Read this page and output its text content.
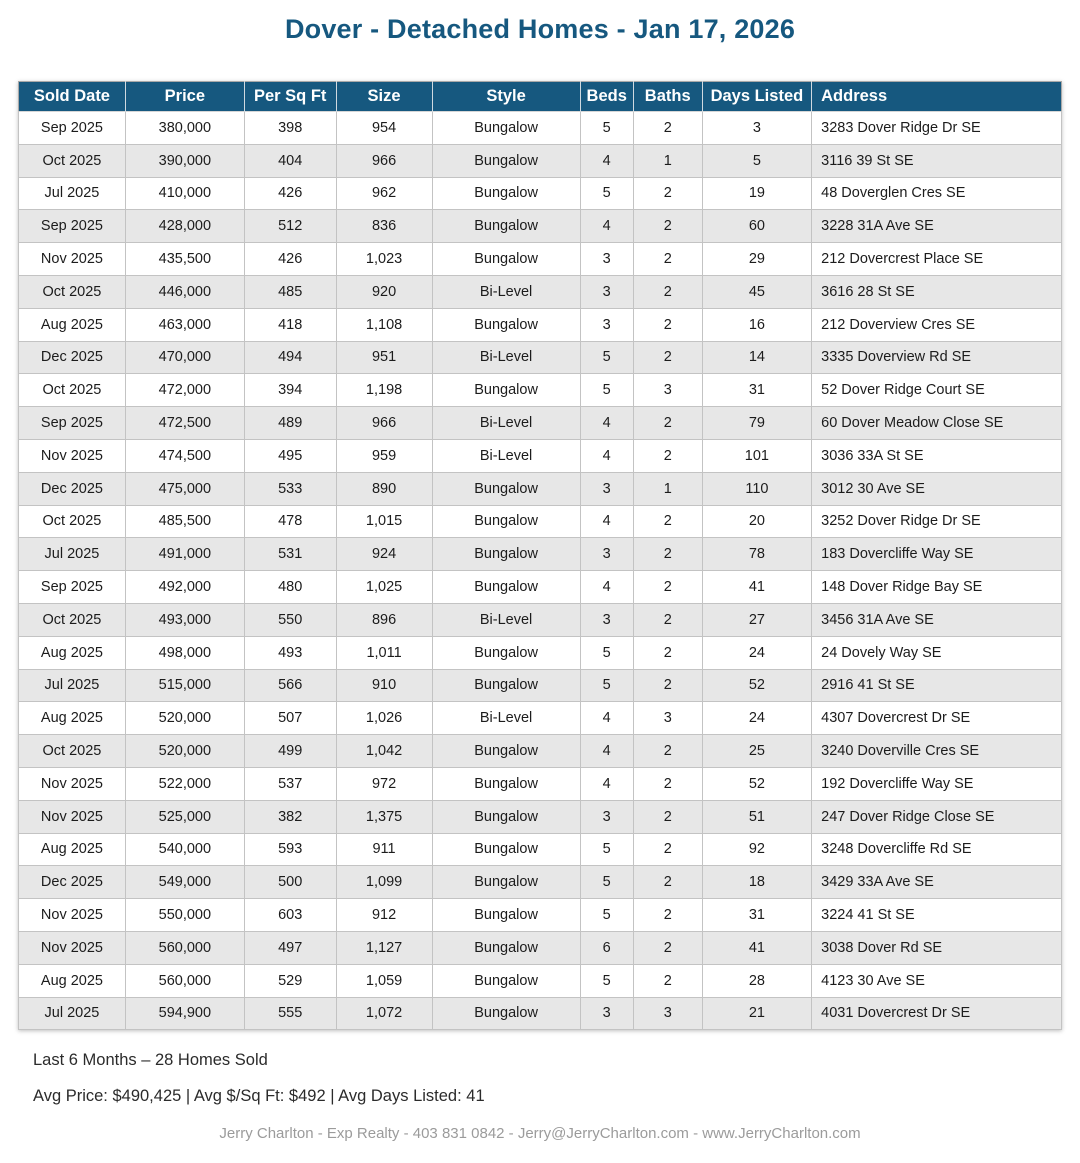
Dover - Detached Homes - Jan 17, 2026
Sold Date	Price	Per Sq Ft	Size	Style	Beds	Baths	Days Listed	Address
Sep 2025	380,000	398	954	Bungalow	5	2	3	3283 Dover Ridge Dr SE
Oct 2025	390,000	404	966	Bungalow	4	1	5	3116 39 St SE
Jul 2025	410,000	426	962	Bungalow	5	2	19	48 Doverglen Cres SE
Sep 2025	428,000	512	836	Bungalow	4	2	60	3228 31A Ave SE
Nov 2025	435,500	426	1,023	Bungalow	3	2	29	212 Dovercrest Place SE
Oct 2025	446,000	485	920	Bi-Level	3	2	45	3616 28 St SE
Aug 2025	463,000	418	1,108	Bungalow	3	2	16	212 Doverview Cres SE
Dec 2025	470,000	494	951	Bi-Level	5	2	14	3335 Doverview Rd SE
Oct 2025	472,000	394	1,198	Bungalow	5	3	31	52 Dover Ridge Court SE
Sep 2025	472,500	489	966	Bi-Level	4	2	79	60 Dover Meadow Close SE
Nov 2025	474,500	495	959	Bi-Level	4	2	101	3036 33A St SE
Dec 2025	475,000	533	890	Bungalow	3	1	110	3012 30 Ave SE
Oct 2025	485,500	478	1,015	Bungalow	4	2	20	3252 Dover Ridge Dr SE
Jul 2025	491,000	531	924	Bungalow	3	2	78	183 Dovercliffe Way SE
Sep 2025	492,000	480	1,025	Bungalow	4	2	41	148 Dover Ridge Bay SE
Oct 2025	493,000	550	896	Bi-Level	3	2	27	3456 31A Ave SE
Aug 2025	498,000	493	1,011	Bungalow	5	2	24	24 Dovely Way SE
Jul 2025	515,000	566	910	Bungalow	5	2	52	2916 41 St SE
Aug 2025	520,000	507	1,026	Bi-Level	4	3	24	4307 Dovercrest Dr SE
Oct 2025	520,000	499	1,042	Bungalow	4	2	25	3240 Doverville Cres SE
Nov 2025	522,000	537	972	Bungalow	4	2	52	192 Dovercliffe Way SE
Nov 2025	525,000	382	1,375	Bungalow	3	2	51	247 Dover Ridge Close SE
Aug 2025	540,000	593	911	Bungalow	5	2	92	3248 Dovercliffe Rd SE
Dec 2025	549,000	500	1,099	Bungalow	5	2	18	3429 33A Ave SE
Nov 2025	550,000	603	912	Bungalow	5	2	31	3224 41 St SE
Nov 2025	560,000	497	1,127	Bungalow	6	2	41	3038 Dover Rd SE
Aug 2025	560,000	529	1,059	Bungalow	5	2	28	4123 30 Ave SE
Jul 2025	594,900	555	1,072	Bungalow	3	3	21	4031 Dovercrest Dr SE
Last 6 Months – 28 Homes Sold
Avg Price: $490,425 | Avg $/Sq Ft: $492 | Avg Days Listed: 41
Jerry Charlton - Exp Realty - 403 831 0842 - Jerry@JerryCharlton.com - www.JerryCharlton.com
